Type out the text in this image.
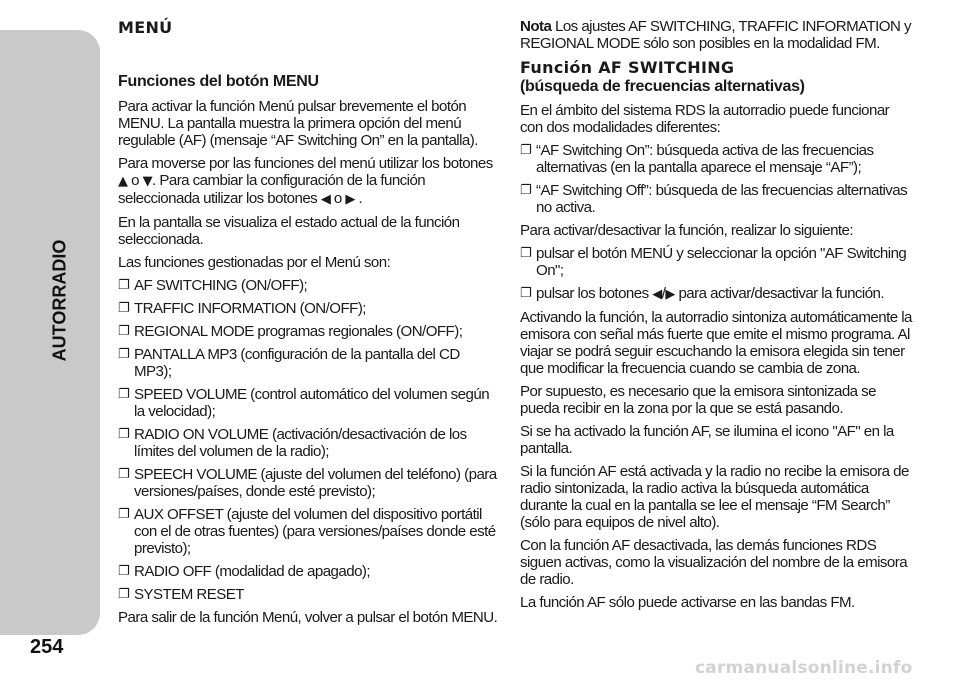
AUTORRADIO
254
MENÚ
Funciones del botón MENU

Para activar la función Menú pulsar brevemente el botón MENU. La pantalla muestra la primera opción del menú regulable (AF) (mensaje “AF Switching On” en la pantalla).

Para moverse por las funciones del menú utilizar los botones ▲ o ▼. Para cambiar la configuración de la función seleccionada utilizar los botones ◀ o ▶ .

En la pantalla se visualiza el estado actual de la función seleccionada.

Las funciones gestionadas por el Menú son:

❐ AF SWITCHING (ON/OFF);
❐ TRAFFIC INFORMATION (ON/OFF);
❐ REGIONAL MODE programas regionales (ON/OFF);
❐ PANTALLA MP3 (configuración de la pantalla del CD MP3);
❐ SPEED VOLUME (control automático del volumen según la velocidad);
❐ RADIO ON VOLUME (activación/desactivación de los límites del volumen de la radio);
❐ SPEECH VOLUME (ajuste del volumen del teléfono) (para versiones/países, donde esté previsto);
❐ AUX OFFSET (ajuste del volumen del dispositivo portátil con el de otras fuentes) (para versiones/países donde esté previsto);
❐ RADIO OFF (modalidad de apagado);
❐ SYSTEM RESET

Para salir de la función Menú, volver a pulsar el botón MENU.

Nota Los ajustes AF SWITCHING, TRAFFIC INFORMATION y REGIONAL MODE sólo son posibles en la modalidad FM.

Función AF SWITCHING
(búsqueda de frecuencias alternativas)

En el ámbito del sistema RDS la autorradio puede funcionar con dos modalidades diferentes:

❐ “AF Switching On”: búsqueda activa de las frecuencias alternativas (en la pantalla aparece el mensaje “AF”);
❐ “AF Switching Off”: búsqueda de las frecuencias alternativas no activa.

Para activar/desactivar la función, realizar lo siguiente:

❐ pulsar el botón MENÚ y seleccionar la opción "AF Switching On";
❐ pulsar los botones ◀/▶ para activar/desactivar la función.

Activando la función, la autorradio sintoniza automáticamente la emisora con señal más fuerte que emite el mismo programa. Al viajar se podrá seguir escuchando la emisora elegida sin tener que modificar la frecuencia cuando se cambia de zona.

Por supuesto, es necesario que la emisora sintonizada se pueda recibir en la zona por la que se está pasando.

Si se ha activado la función AF, se ilumina el icono "AF" en la pantalla.

Si la función AF está activada y la radio no recibe la emisora de radio sintonizada, la radio activa la búsqueda automática durante la cual en la pantalla se lee el mensaje “FM Search” (sólo para equipos de nivel alto).

Con la función AF desactivada, las demás funciones RDS siguen activas, como la visualización del nombre de la emisora de radio.

La función AF sólo puede activarse en las bandas FM.

carmanualsonline.info
